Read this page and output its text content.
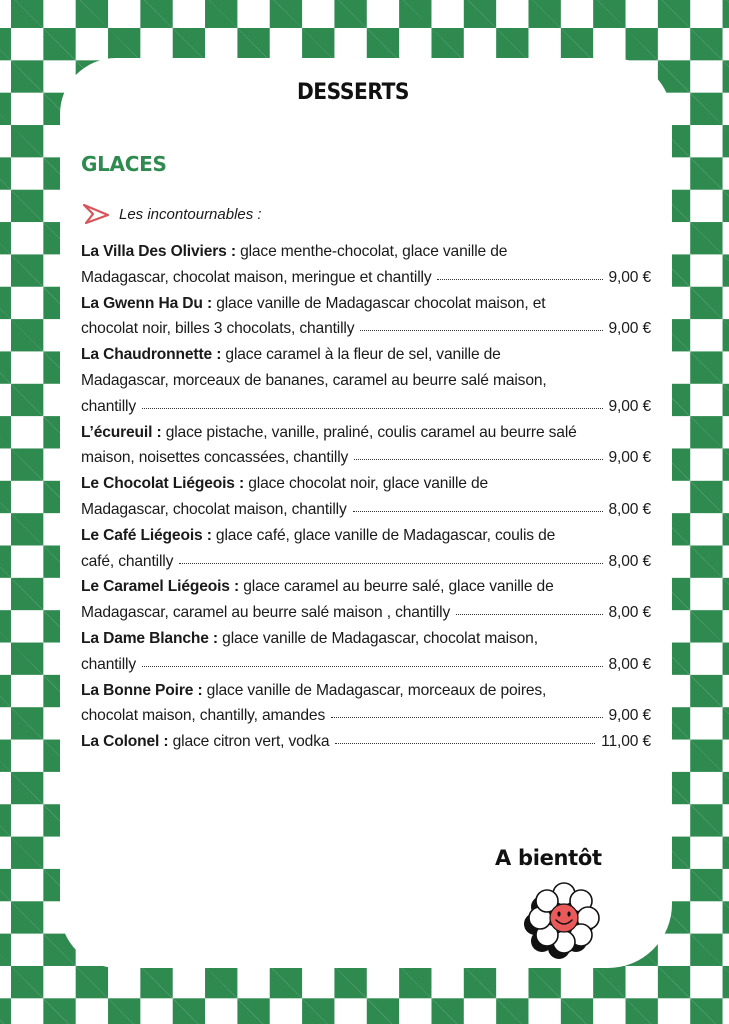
DESSERTS
GLACES
Les incontournables :
La Villa Des Oliviers : glace menthe-chocolat, glace vanille de
Madagascar, chocolat maison, meringue et chantilly	9,00 €
La Gwenn Ha Du : glace vanille de Madagascar chocolat maison, et
chocolat noir, billes 3 chocolats, chantilly	9,00 €
La Chaudronnette : glace caramel à la fleur de sel, vanille de
Madagascar, morceaux de bananes, caramel au beurre salé maison,
chantilly	9,00 €
L’écureuil : glace pistache, vanille, praliné, coulis caramel au beurre salé
maison, noisettes concassées, chantilly	9,00 €
Le Chocolat Liégeois : glace chocolat noir, glace vanille de
Madagascar, chocolat maison, chantilly	8,00 €
Le Café Liégeois : glace café, glace vanille de Madagascar, coulis de
café, chantilly	8,00 €
Le Caramel Liégeois : glace caramel au beurre salé, glace vanille de
Madagascar, caramel au beurre salé maison , chantilly	8,00 €
La Dame Blanche : glace vanille de Madagascar, chocolat maison,
chantilly	8,00 €
La Bonne Poire : glace vanille de Madagascar, morceaux de poires,
chocolat maison, chantilly, amandes	9,00 €
La Colonel : glace citron vert, vodka	11,00 €
A bientôt
